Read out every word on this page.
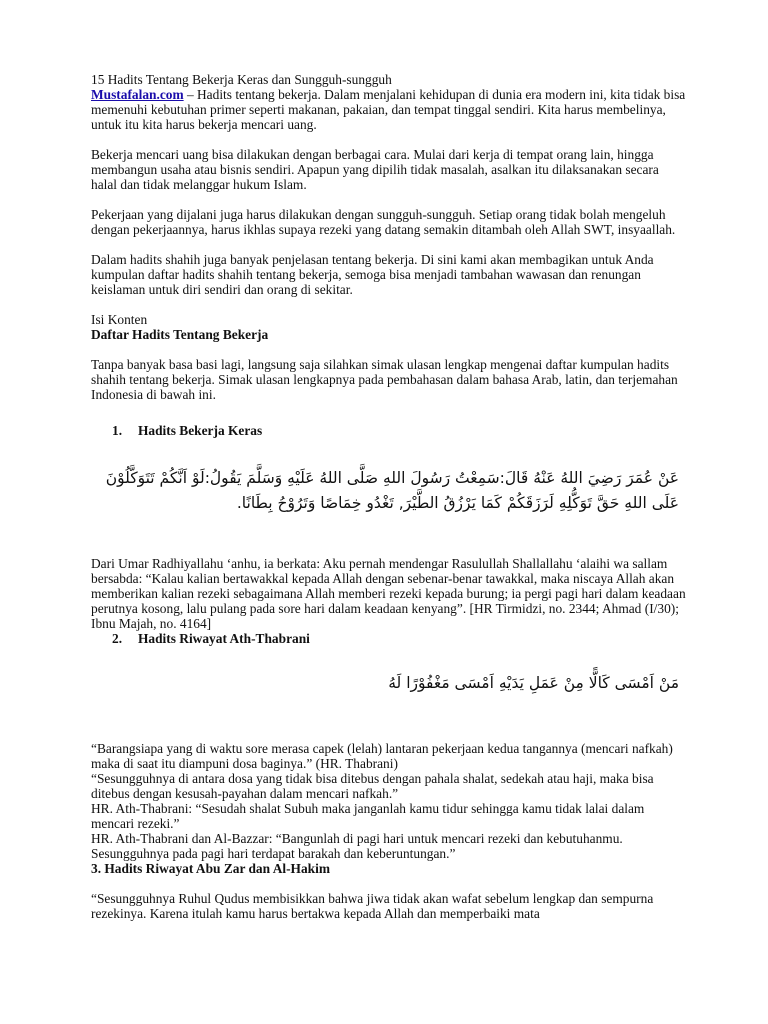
15 Hadits Tentang Bekerja Keras dan Sungguh-sungguh

Mustafalan.com – Hadits tentang bekerja. Dalam menjalani kehidupan di dunia era modern ini, kita tidak bisa memenuhi kebutuhan primer seperti makanan, pakaian, dan tempat tinggal sendiri. Kita harus membelinya, untuk itu kita harus bekerja mencari uang.

Bekerja mencari uang bisa dilakukan dengan berbagai cara. Mulai dari kerja di tempat orang lain, hingga membangun usaha atau bisnis sendiri. Apapun yang dipilih tidak masalah, asalkan itu dilaksanakan secara halal dan tidak melanggar hukum Islam.

Pekerjaan yang dijalani juga harus dilakukan dengan sungguh-sungguh. Setiap orang tidak bolah mengeluh dengan pekerjaannya, harus ikhlas supaya rezeki yang datang semakin ditambah oleh Allah SWT, insyaallah.

Dalam hadits shahih juga banyak penjelasan tentang bekerja. Di sini kami akan membagikan untuk Anda kumpulan daftar hadits shahih tentang bekerja, semoga bisa menjadi tambahan wawasan dan renungan keislaman untuk diri sendiri dan orang di sekitar.

Isi Konten

Daftar Hadits Tentang Bekerja

Tanpa banyak basa basi lagi, langsung saja silahkan simak ulasan lengkap mengenai daftar kumpulan hadits shahih tentang bekerja. Simak ulasan lengkapnya pada pembahasan dalam bahasa Arab, latin, dan terjemahan Indonesia di bawah ini.

1. Hadits Bekerja Keras

عَنْ عُمَرَ رَضِيَ اللهُ عَنْهُ قَالَ:سَمِعْتُ رَسُولَ اللهِ صَلَّى اللهُ عَلَيْهِ وَسَلَّمَ يَقُولُ:لَوْ اَنَّكُمْ تَتَوَكَّلُوْنَ عَلَى اللهِ حَقَّ تَوَكُّلِهِ لَرَزَقَكُمْ كَمَا يَرْزُقُ الطَّيْرَ, تَغْدُو خِمَاصًا وَتَرُوْحُ بِطَانًا.

Dari Umar Radhiyallahu ‘anhu, ia berkata: Aku pernah mendengar Rasulullah Shallallahu ‘alaihi wa sallam bersabda: “Kalau kalian bertawakkal kepada Allah dengan sebenar-benar tawakkal, maka niscaya Allah akan memberikan kalian rezeki sebagaimana Allah memberi rezeki kepada burung; ia pergi pagi hari dalam keadaan perutnya kosong, lalu pulang pada sore hari dalam keadaan kenyang”. [HR Tirmidzi, no. 2344; Ahmad (I/30); Ibnu Majah, no. 4164]

2. Hadits Riwayat Ath-Thabrani

مَنْ اَمْسَى كَالًّا مِنْ عَمَلِ يَدَيْهِ اَمْسَى مَغْفُوْرًا لَهُ

“Barangsiapa yang di waktu sore merasa capek (lelah) lantaran pekerjaan kedua tangannya (mencari nafkah) maka di saat itu diampuni dosa baginya.” (HR. Thabrani)

“Sesungguhnya di antara dosa yang tidak bisa ditebus dengan pahala shalat, sedekah atau haji, maka bisa ditebus dengan kesusah-payahan dalam mencari nafkah.”

HR. Ath-Thabrani: “Sesudah shalat Subuh maka janganlah kamu tidur sehingga kamu tidak lalai dalam mencari rezeki.”

HR. Ath-Thabrani dan Al-Bazzar: “Bangunlah di pagi hari untuk mencari rezeki dan kebutuhanmu. Sesungguhnya pada pagi hari terdapat barakah dan keberuntungan.”

3. Hadits Riwayat Abu Zar dan Al-Hakim

“Sesungguhnya Ruhul Qudus membisikkan bahwa jiwa tidak akan wafat sebelum lengkap dan sempurna rezekinya. Karena itulah kamu harus bertakwa kepada Allah dan memperbaiki mata
